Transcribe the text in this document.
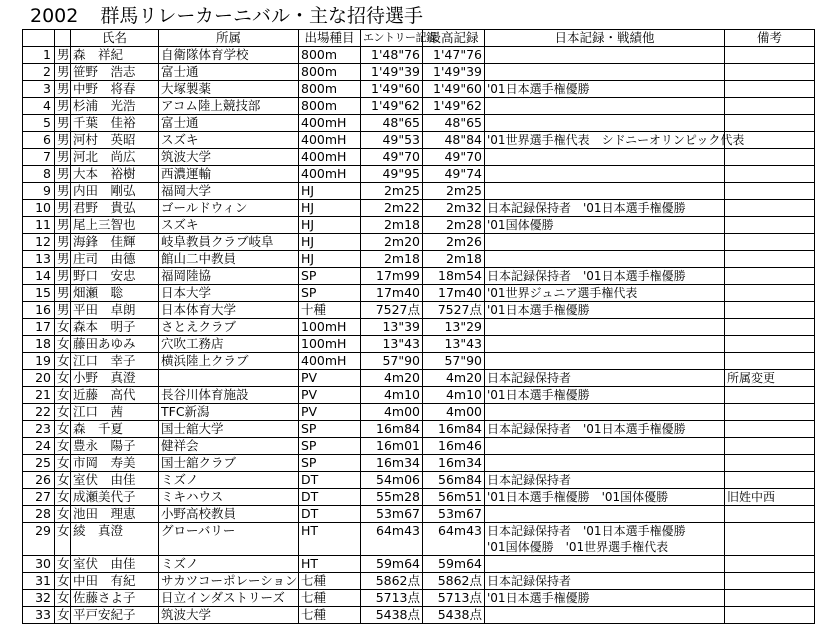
2002 群馬リレーカーニバル・主な招待選手
		氏名	所属	出場種目	エントリー記録	最高記録	日本記録・戦績他	備考
1	男	森　祥紀	自衛隊体育学校	800m	1'48"76	1'47"76		
2	男	笹野　浩志	富士通	800m	1'49"39	1'49"39		
3	男	中野　将春	大塚製薬	800m	1'49"60	1'49"60	'01日本選手権優勝	
4	男	杉浦　光浩	アコム陸上競技部	800m	1'49"62	1'49"62		
5	男	千葉　佳裕	富士通	400mH	48"65	48"65		
6	男	河村　英昭	スズキ	400mH	49"53	48"84	'01世界選手権代表　シドニーオリンピック代表	
7	男	河北　尚広	筑波大学	400mH	49"70	49"70		
8	男	大本　裕樹	西濃運輸	400mH	49"95	49"74		
9	男	内田　剛弘	福岡大学	HJ	2m25	2m25		
10	男	君野　貴弘	ゴールドウィン	HJ	2m22	2m32	日本記録保持者　'01日本選手権優勝	
11	男	尾上三智也	スズキ	HJ	2m18	2m28	'01国体優勝	
12	男	海鋒　佳輝	岐阜教員クラブ岐阜	HJ	2m20	2m26		
13	男	庄司　由德	館山二中教員	HJ	2m18	2m18		
14	男	野口　安忠	福岡陸協	SP	17m99	18m54	日本記録保持者　'01日本選手権優勝	
15	男	畑瀬　聡	日本大学	SP	17m40	17m40	'01世界ジュニア選手権代表	
16	男	平田　卓朗	日本体育大学	十種	7527点	7527点	'01日本選手権優勝	
17	女	森本　明子	さとえクラブ	100mH	13"39	13"29		
18	女	藤田あゆみ	穴吹工務店	100mH	13"43	13"43		
19	女	江口　幸子	横浜陸上クラブ	400mH	57"90	57"90		
20	女	小野　真澄		PV	4m20	4m20	日本記録保持者	所属変更
21	女	近藤　高代	長谷川体育施設	PV	4m10	4m10	'01日本選手権優勝	
22	女	江口　茜	TFC新潟	PV	4m00	4m00		
23	女	森　千夏	国士舘大学	SP	16m84	16m84	日本記録保持者　'01日本選手権優勝	
24	女	豊永　陽子	健祥会	SP	16m01	16m46		
25	女	市岡　寿美	国士舘クラブ	SP	16m34	16m34		
26	女	室伏　由佳	ミズノ	DT	54m06	56m84	日本記録保持者	
27	女	成瀬美代子	ミキハウス	DT	55m28	56m51	'01日本選手権優勝　'01国体優勝	旧姓中西
28	女	池田　理恵	小野高校教員	DT	53m67	53m67		
29	女	綾　真澄	グローバリー	HT	64m43	64m43	日本記録保持者　'01日本選手権優勝
'01国体優勝　'01世界選手権代表	

30	女	室伏　由佳	ミズノ	HT	59m64	59m64		
31	女	中田　有紀	サカツコーポレーション	七種	5862点	5862点	日本記録保持者	
32	女	佐藤さよ子	日立インダストリーズ	七種	5713点	5713点	'01日本選手権優勝	
33	女	平戸安紀子	筑波大学	七種	5438点	5438点		
